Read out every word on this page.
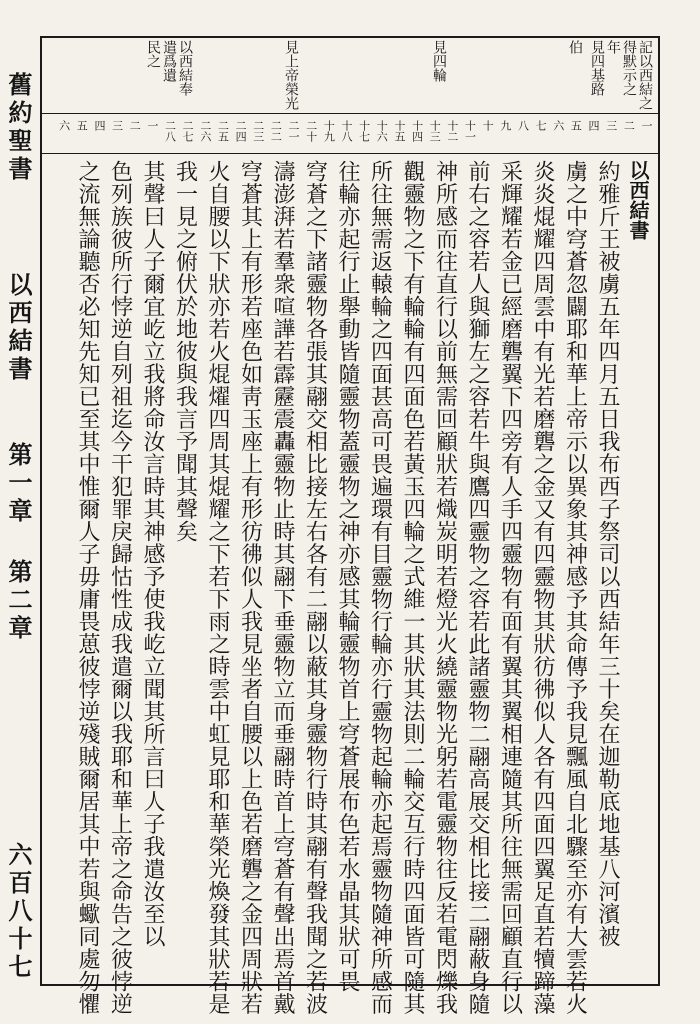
舊約聖書
以西結書
第一章 第二章
六百八十七
記以西結之
得默示之
年
見四基路
伯
見四輪
見上帝榮光
以西結奉
遣爲遺
民之
一
二
三
四
五
六
七
八
九
十
十一
十二
十三
十四
十五
十六
十七
十八
十九
二十
二一
二二
二三
二四
二五
二六
二七
二八
一
二
三
四
五
六
以西結書
約雅斤王被虜五年四月五日我布西子祭司以西結年三十矣在迦勒底地基八河濱被
虜之中穹蒼忽闢耶和華上帝示以異象其神感予其命傳予我見飄風自北驟至亦有大雲若火
炎炎焜耀四周雲中有光若磨礱之金又有四靈物其狀彷彿似人各有四面四翼足直若犢蹄藻
采輝耀若金已經磨礱翼下四旁有人手四靈物有面有翼其翼相連隨其所往無需回顧直行以
前右之容若人與獅左之容若牛與鷹四靈物之容若此諸靈物二翮高展交相比接二翮蔽身隨
神所感而往直行以前無需回顧狀若熾炭明若燈光火繞靈物光躬若電靈物往反若電閃爍我
觀靈物之下有輪輪有四面色若黃玉四輪之式維一其狀其法則二輪交互行時四面皆可隨其
所往無需返轅輪之四面甚高可畏遍環有目靈物行輪亦行靈物起輪亦起焉靈物隨神所感而
往輪亦起行止舉動皆隨靈物蓋靈物之神亦感其輪靈物首上穹蒼展布色若水晶其狀可畏
穹蒼之下諸靈物各張其翮交相比接左右各有二翮以蔽其身靈物行時其翮有聲我聞之若波
濤澎湃若羣衆喧譁若霹靂震轟靈物止時其翮下垂靈物立而垂翮時首上穹蒼有聲出焉首戴
穹蒼其上有形若座色如靑玉座上有形彷彿似人我見坐者自腰以上色若磨礱之金四周狀若
火自腰以下狀亦若火焜燿四周其焜耀之下若下雨之時雲中虹見耶和華榮光煥發其狀若是
我一見之俯伏於地彼與我言予聞其聲矣
其聲曰人子爾宜屹立我將命汝言時其神感予使我屹立聞其所言曰人子我遣汝至以
色列族彼所行悖逆自列祖迄今干犯罪戾歸怙性成我遣爾以我耶和華上帝之命告之彼悖逆
之流無論聽否必知先知已至其中惟爾人子毋庸畏葸彼悖逆殘賊爾居其中若與蠍同處勿懼
